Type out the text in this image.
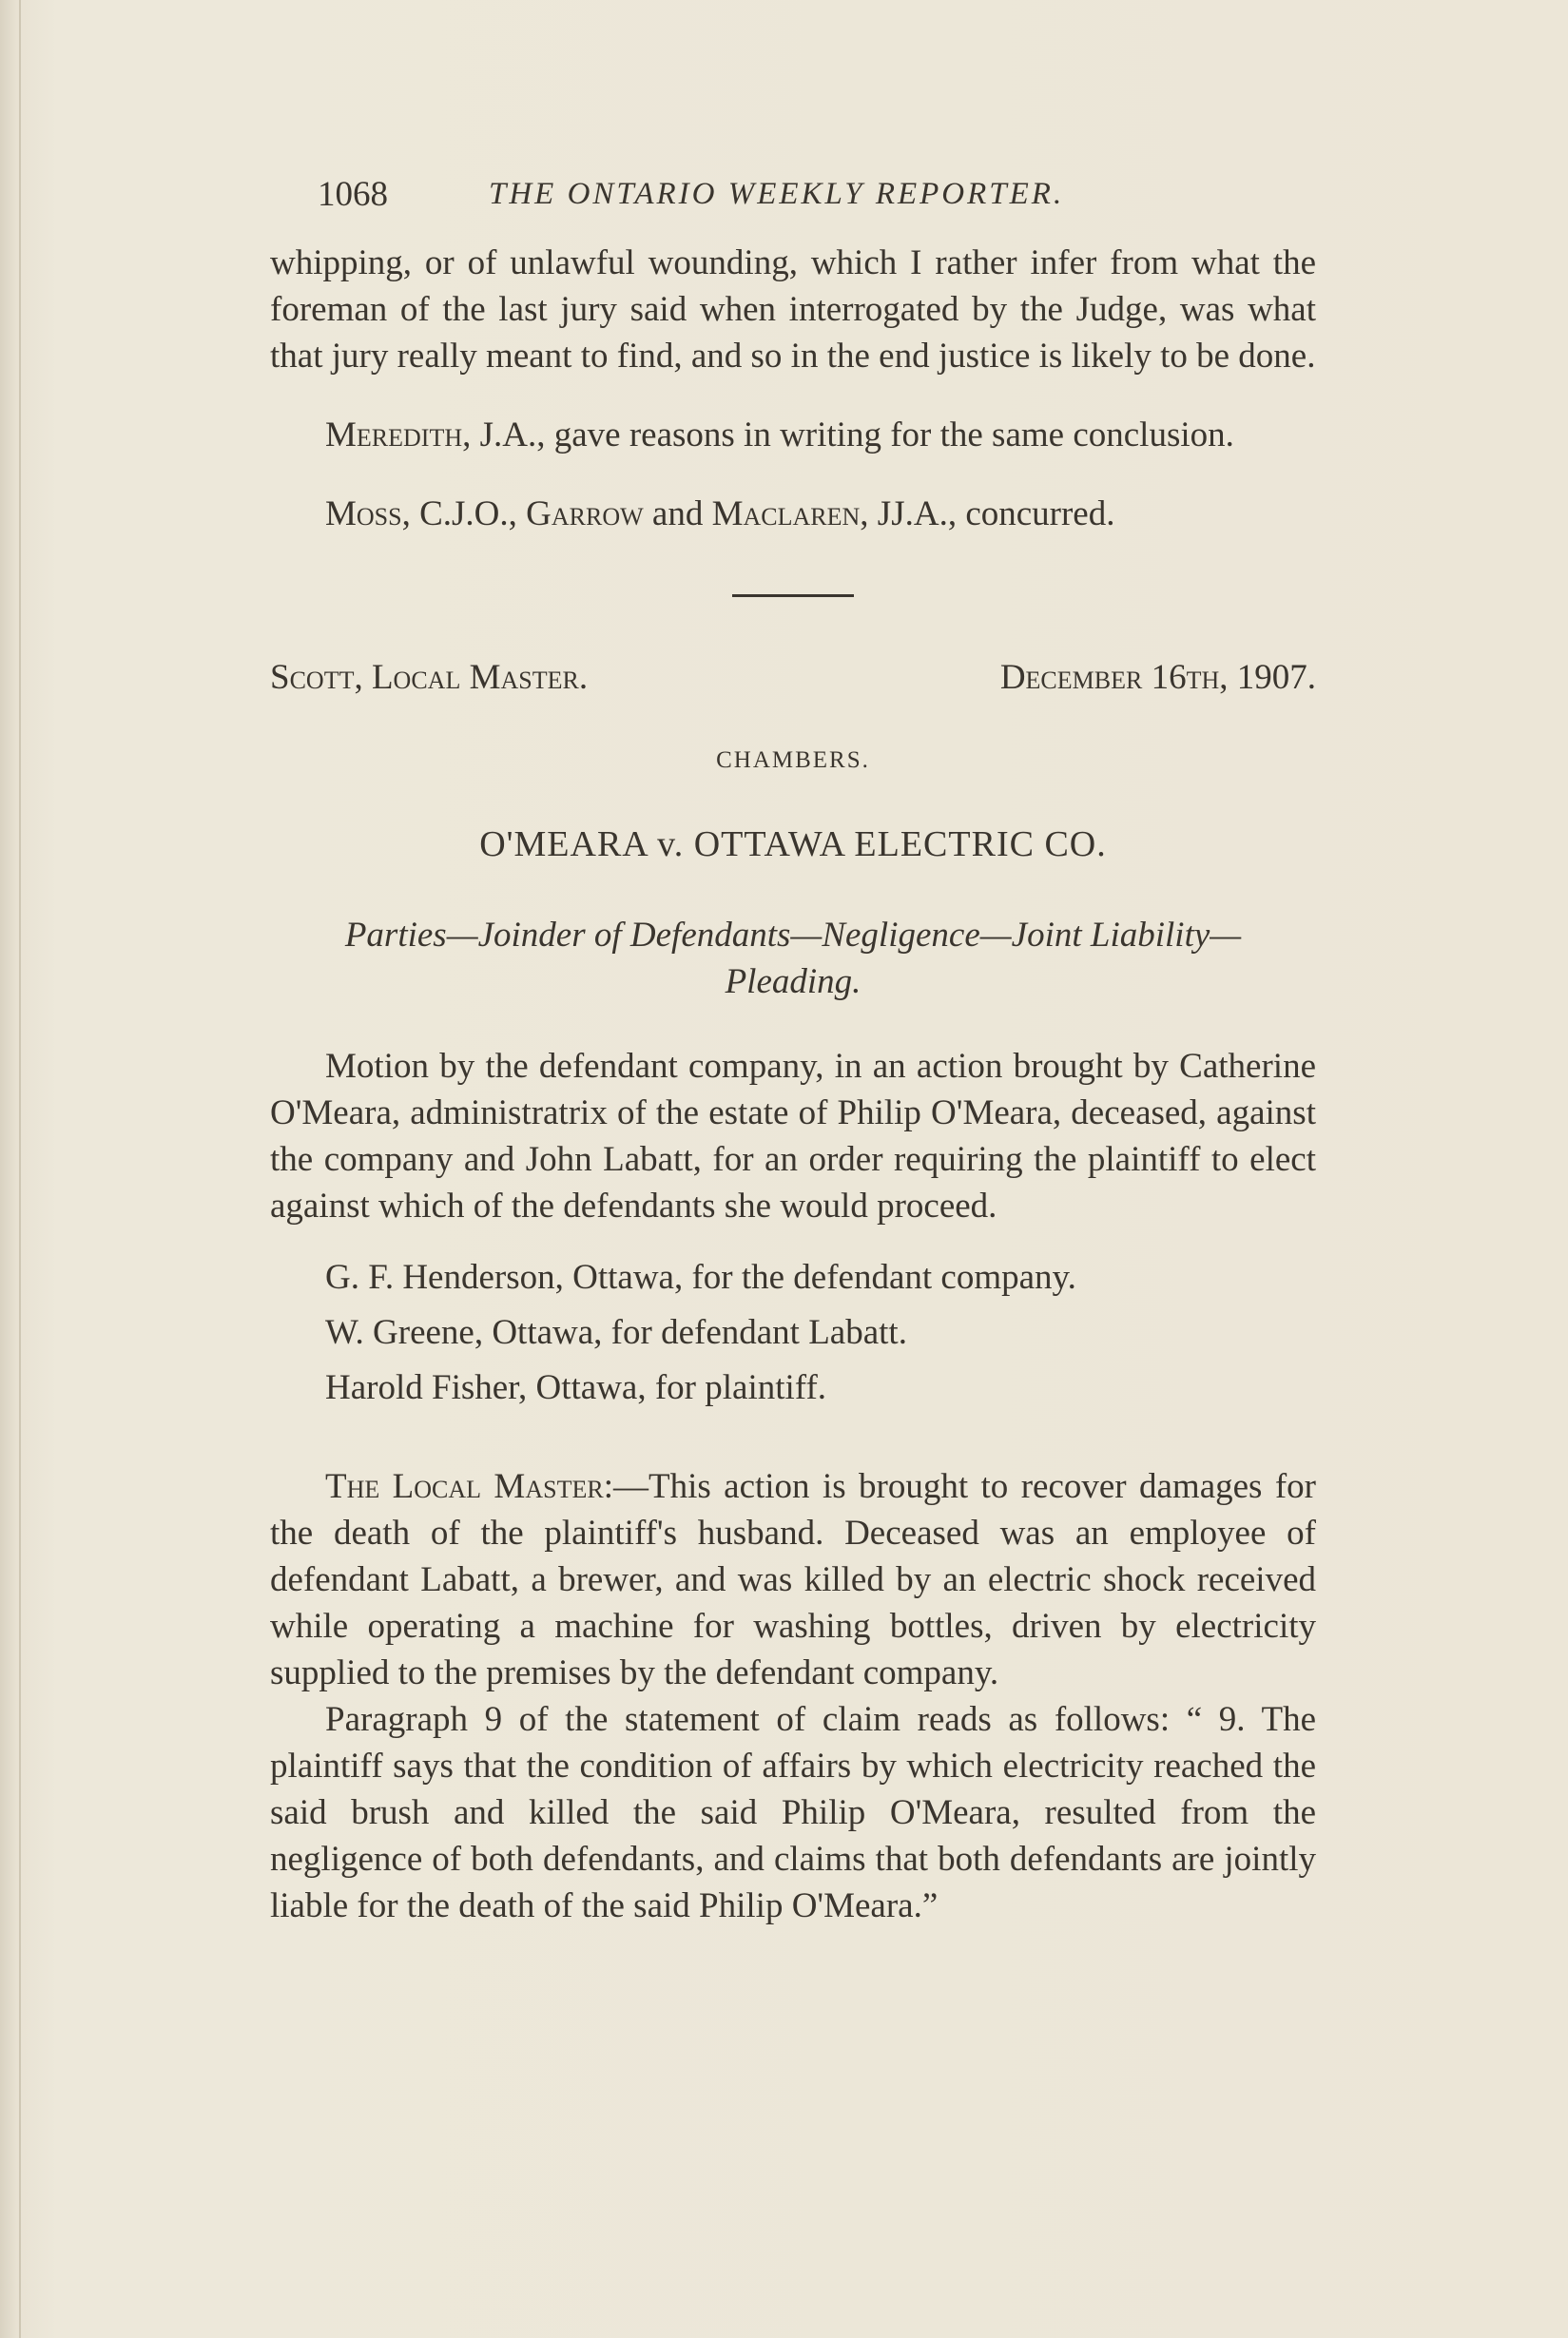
1068	THE ONTARIO WEEKLY REPORTER.

whipping, or of unlawful wounding, which I rather infer from what the foreman of the last jury said when interrogated by the Judge, was what that jury really meant to find, and so in the end justice is likely to be done.

Meredith, J.A., gave reasons in writing for the same conclusion.

Moss, C.J.O., Garrow and Maclaren, JJ.A., concurred.

Scott, Local Master.	December 16th, 1907.
CHAMBERS.
O'MEARA v. OTTAWA ELECTRIC CO.
Parties—Joinder of Defendants—Negligence—Joint Liability—Pleading.

Motion by the defendant company, in an action brought by Catherine O'Meara, administratrix of the estate of Philip O'Meara, deceased, against the company and John Labatt, for an order requiring the plaintiff to elect against which of the defendants she would proceed.

G. F. Henderson, Ottawa, for the defendant company.

W. Greene, Ottawa, for defendant Labatt.

Harold Fisher, Ottawa, for plaintiff.

The Local Master:—This action is brought to recover damages for the death of the plaintiff's husband. Deceased was an employee of defendant Labatt, a brewer, and was killed by an electric shock received while operating a machine for washing bottles, driven by electricity supplied to the premises by the defendant company.

Paragraph 9 of the statement of claim reads as follows: “ 9. The plaintiff says that the condition of affairs by which electricity reached the said brush and killed the said Philip O'Meara, resulted from the negligence of both defendants, and claims that both defendants are jointly liable for the death of the said Philip O'Meara.”
